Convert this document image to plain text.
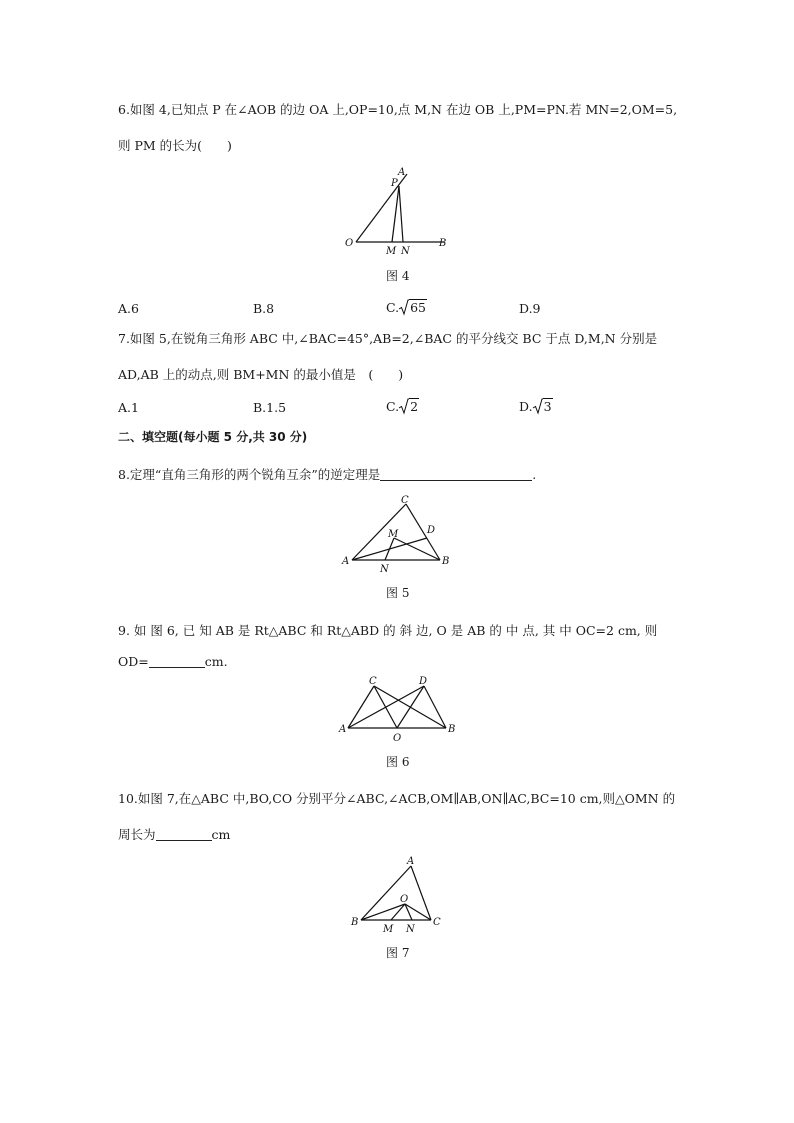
6.如图 4,已知点 P 在∠AOB 的边 OA 上,OP=10,点 M,N 在边 OB 上,PM=PN.若 MN=2,OM=5,
则 PM 的长为(　　)
A
P
O
M N
B
图 4
A.6	B.8	C. 65	D.9
7.如图 5,在锐角三角形 ABC 中,∠BAC=45°,AB=2,∠BAC 的平分线交 BC 于点 D,M,N 分别是
AD,AB 上的动点,则 BM+MN 的最小值是　(　　)
A.1	B.1.5	C. 2	D. 3
二、填空题(每小题 5 分,共 30 分)
8.定理“直角三角形的两个锐角互余”的逆定理是	.
C
M	D
A
N
B
图 5
9. 如 图 6, 已 知 AB 是 Rt△ABC 和 Rt△ABD 的 斜 边, O 是 AB 的 中 点, 其 中 OC=2 cm, 则
OD=	cm.
C	D
A
O
B
图 6
10.如图 7,在△ABC 中,BO,CO 分别平分∠ABC,∠ACB,OM∥AB,ON∥AC,BC=10 cm,则△OMN 的
周长为	cm
A
O
B
M N
C
图 7
